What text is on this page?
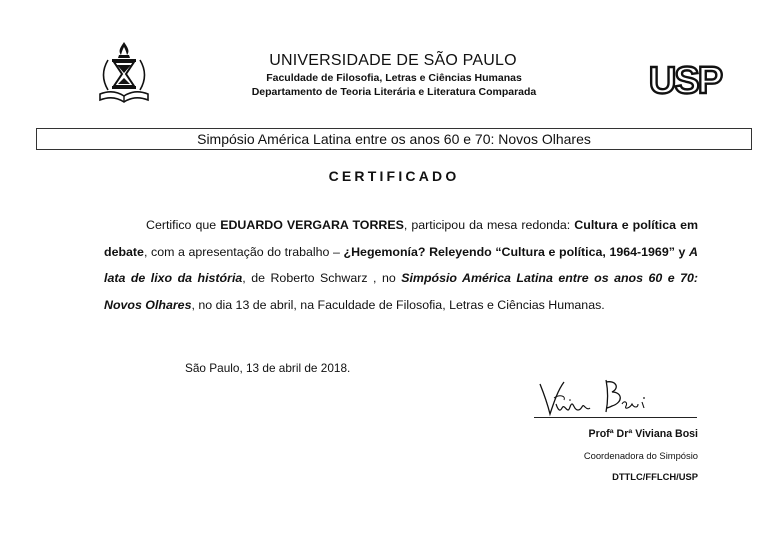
UNIVERSIDADE DE SÃO PAULO
Faculdade de Filosofia, Letras e Ciências Humanas
Departamento de Teoria Literária e Literatura Comparada	USP
Simpósio América Latina entre os anos 60 e 70: Novos Olhares
CERTIFICADO
Certifico que EDUARDO VERGARA TORRES, participou da mesa redonda: Cultura e política em debate, com a apresentação do trabalho – ¿Hegemonía? Releyendo “Cultura e política, 1964-1969” y A lata de lixo da história, de Roberto Schwarz , no Simpósio América Latina entre os anos 60 e 70: Novos Olhares, no dia 13 de abril, na Faculdade de Filosofia, Letras e Ciências Humanas.
São Paulo, 13 de abril de 2018.
Profª Drª Viviana Bosi
Coordenadora do Simpósio
DTTLC/FFLCH/USP
